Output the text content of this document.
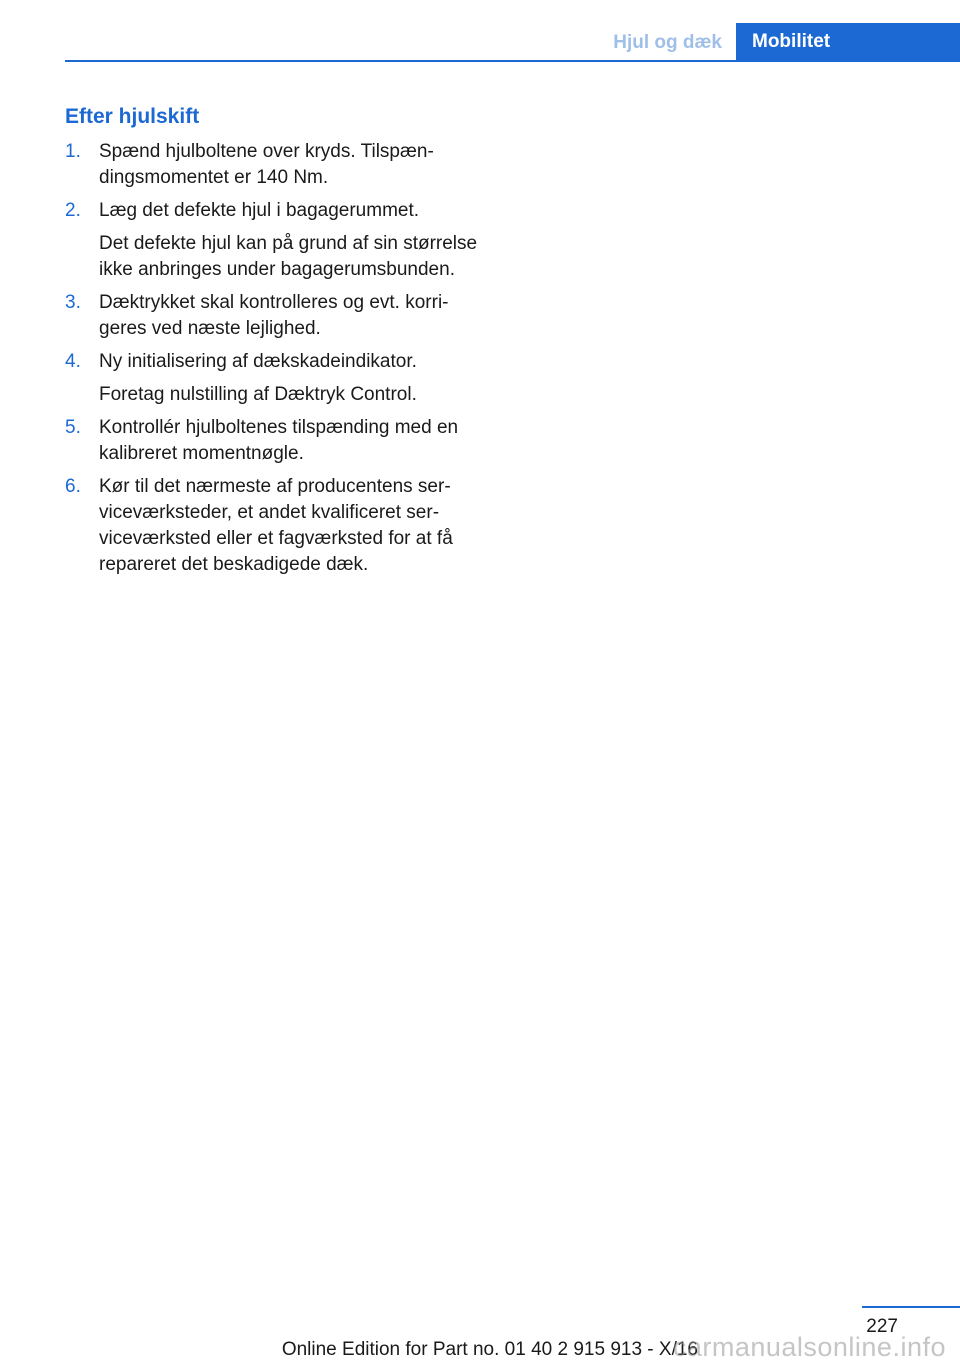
Hjul og dæk	Mobilitet
Efter hjulskift
1. Spænd hjulboltene over kryds. Tilspændingsmomentet er 140 Nm.

2. Læg det defekte hjul i bagagerummet.

Det defekte hjul kan på grund af sin størrelse ikke anbringes under bagagerumsbunden.

3. Dæktrykket skal kontrolleres og evt. korrigeres ved næste lejlighed.

4. Ny initialisering af dækskadeindikator.

Foretag nulstilling af Dæktryk Control.

5. Kontrollér hjulboltenes tilspænding med en kalibreret momentnøgle.

6. Kør til det nærmeste af producentens serviceværksteder, et andet kvalificeret serviceværksted eller et fagværksted for at få repareret det beskadigede dæk.

227
Online Edition for Part no. 01 40 2 915 913 - X/16
carmanualsonline.info
